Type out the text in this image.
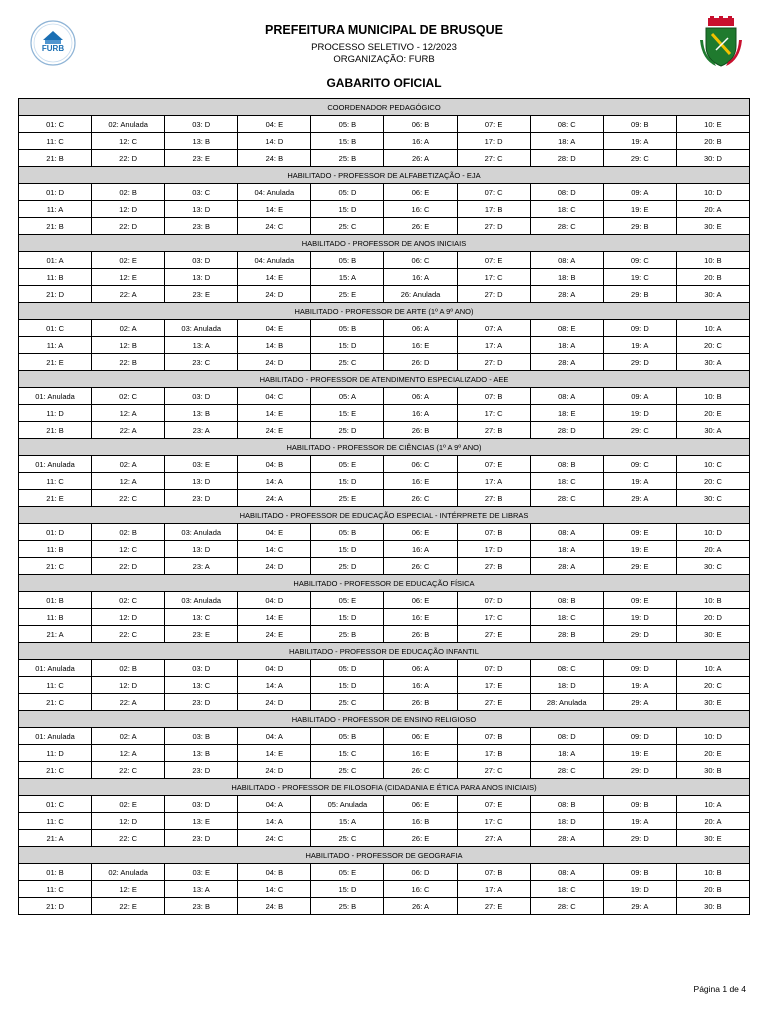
FURB
PREFEITURA MUNICIPAL DE BRUSQUE
PROCESSO SELETIVO - 12/2023
ORGANIZAÇÃO: FURB
GABARITO OFICIAL
COORDENADOR PEDAGÓGICO									
01: C	02: Anulada	03: D	04: E	05: B	06: B	07: E	08: C	09: B	10: E
11: C	12: C	13: B	14: D	15: B	16: A	17: D	18: A	19: A	20: B
21: B	22: D	23: E	24: B	25: B	26: A	27: C	28: D	29: C	30: D
HABILITADO - PROFESSOR DE ALFABETIZAÇÃO - EJA									
01: D	02: B	03: C	04: Anulada	05: D	06: E	07: C	08: D	09: A	10: D
11: A	12: D	13: D	14: E	15: D	16: C	17: B	18: C	19: E	20: A
21: B	22: D	23: B	24: C	25: C	26: E	27: D	28: C	29: B	30: E
HABILITADO - PROFESSOR DE ANOS INICIAIS									
01: A	02: E	03: D	04: Anulada	05: B	06: C	07: E	08: A	09: C	10: B
11: B	12: E	13: D	14: E	15: A	16: A	17: C	18: B	19: C	20: B
21: D	22: A	23: E	24: D	25: E	26: Anulada	27: D	28: A	29: B	30: A
HABILITADO - PROFESSOR DE ARTE (1º A 9º ANO)									
01: C	02: A	03: Anulada	04: E	05: B	06: A	07: A	08: E	09: D	10: A
11: A	12: B	13: A	14: B	15: D	16: E	17: A	18: A	19: A	20: C
21: E	22: B	23: C	24: D	25: C	26: D	27: D	28: A	29: D	30: A
HABILITADO - PROFESSOR DE ATENDIMENTO ESPECIALIZADO - AEE									
01: Anulada	02: C	03: D	04: C	05: A	06: A	07: B	08: A	09: A	10: B
11: D	12: A	13: B	14: E	15: E	16: A	17: C	18: E	19: D	20: E
21: B	22: A	23: A	24: E	25: D	26: B	27: B	28: D	29: C	30: A
HABILITADO - PROFESSOR DE CIÊNCIAS (1º A 9º ANO)									
01: Anulada	02: A	03: E	04: B	05: E	06: C	07: E	08: B	09: C	10: C
11: C	12: A	13: D	14: A	15: D	16: E	17: A	18: C	19: A	20: C
21: E	22: C	23: D	24: A	25: E	26: C	27: B	28: C	29: A	30: C
HABILITADO - PROFESSOR DE EDUCAÇÃO ESPECIAL - INTÉRPRETE DE LIBRAS									
01: D	02: B	03: Anulada	04: E	05: B	06: E	07: B	08: A	09: E	10: D
11: B	12: C	13: D	14: C	15: D	16: A	17: D	18: A	19: E	20: A
21: C	22: D	23: A	24: D	25: D	26: C	27: B	28: A	29: E	30: C
HABILITADO - PROFESSOR DE EDUCAÇÃO FÍSICA									
01: B	02: C	03: Anulada	04: D	05: E	06: E	07: D	08: B	09: E	10: B
11: B	12: D	13: C	14: E	15: D	16: E	17: C	18: C	19: D	20: D
21: A	22: C	23: E	24: E	25: B	26: B	27: E	28: B	29: D	30: E
HABILITADO - PROFESSOR DE EDUCAÇÃO INFANTIL									
01: Anulada	02: B	03: D	04: D	05: D	06: A	07: D	08: C	09: D	10: A
11: C	12: D	13: C	14: A	15: D	16: A	17: E	18: D	19: A	20: C
21: C	22: A	23: D	24: D	25: C	26: B	27: E	28: Anulada	29: A	30: E
HABILITADO - PROFESSOR DE ENSINO RELIGIOSO									
01: Anulada	02: A	03: B	04: A	05: B	06: E	07: B	08: D	09: D	10: D
11: D	12: A	13: B	14: E	15: C	16: E	17: B	18: A	19: E	20: E
21: C	22: C	23: D	24: D	25: C	26: C	27: C	28: C	29: D	30: B
HABILITADO - PROFESSOR DE FILOSOFIA (CIDADANIA E ÉTICA PARA ANOS INICIAIS)									
01: C	02: E	03: D	04: A	05: Anulada	06: E	07: E	08: B	09: B	10: A
11: C	12: D	13: E	14: A	15: A	16: B	17: C	18: D	19: A	20: A
21: A	22: C	23: D	24: C	25: C	26: E	27: A	28: A	29: D	30: E
HABILITADO - PROFESSOR DE GEOGRAFIA									
01: B	02: Anulada	03: E	04: B	05: E	06: D	07: B	08: A	09: B	10: B
11: C	12: E	13: A	14: C	15: D	16: C	17: A	18: C	19: D	20: B
21: D	22: E	23: B	24: B	25: B	26: A	27: E	28: C	29: A	30: B
Página 1 de 4
